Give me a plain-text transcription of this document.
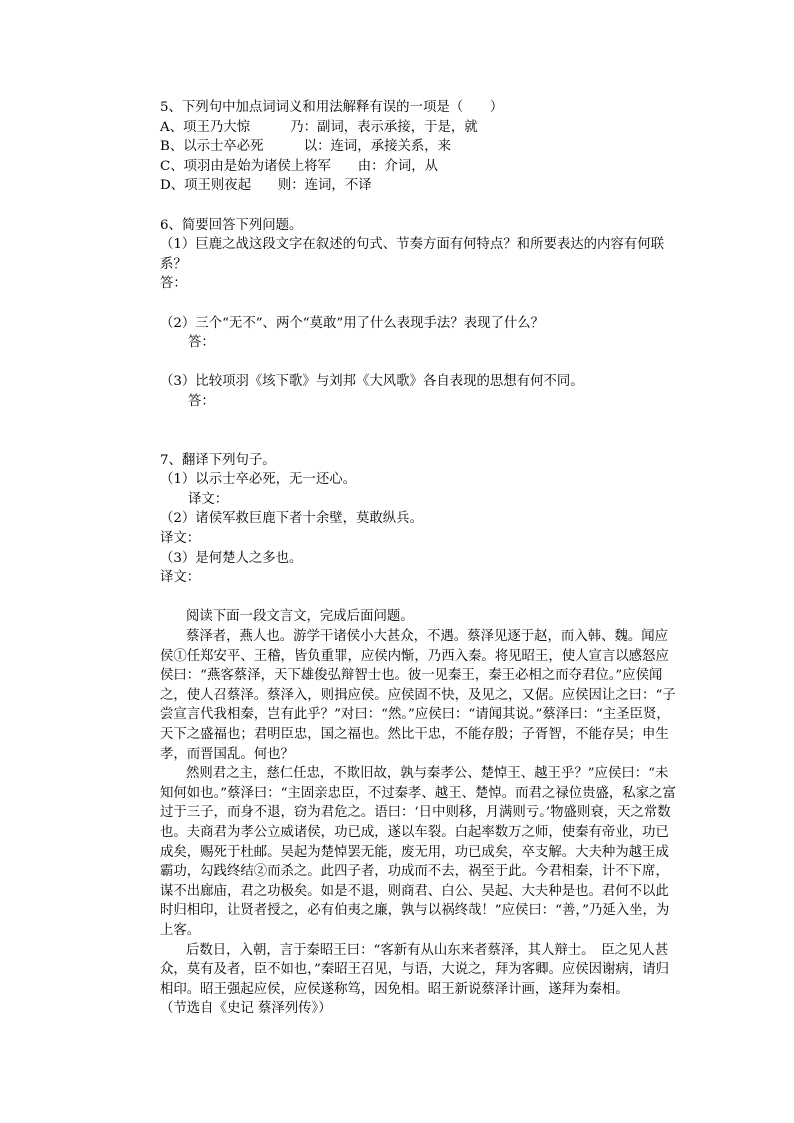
5、下列句中加点词词义和用法解释有误的一项是（　　）
A、项王乃大惊　　　	乃：副词，表示承接，于是，就
B、以示士卒必死　　　	以：连词，承接关系，来
C、项羽由是始为诸侯上将军　　 由：介词，从
D、项王则夜起　　 则：连词，不译
6、简要回答下列问题。
（1）巨鹿之战这段文字在叙述的句式、节奏方面有何特点？和所要表达的内容有何联系？
答：
（2）三个“无不”、两个“莫敢”用了什么表现手法？表现了什么？
答：
（3）比较项羽《垓下歌》与刘邦《大风歌》各自表现的思想有何不同。
答：
7、翻译下列句子。
（1）以示士卒必死，无一还心。
译文：
（2）诸侯军救巨鹿下者十余壁，莫敢纵兵。
译文：
（3）是何楚人之多也。
译文：

阅读下面一段文言文，完成后面问题。

蔡泽者，燕人也。游学干诸侯小大甚众，不遇。蔡泽见逐于赵，而入韩、魏。闻应侯①任郑安平、王稽，皆负重罪，应侯内惭，乃西入秦。将见昭王，使人宣言以感怒应侯曰：“燕客蔡泽，天下雄俊弘辩智士也。彼一见秦王，秦王必相之而夺君位。”应侯闻之，使人召蔡泽。蔡泽入，则揖应侯。应侯固不快，及见之，又倨。应侯因让之曰：“子尝宣言代我相秦，岂有此乎？”对曰：“然。”应侯曰：“请闻其说。”蔡泽曰：“主圣臣贤，天下之盛福也；君明臣忠，国之福也。然比干忠，不能存殷；子胥智，不能存吴；申生孝，而晋国乱。何也？

然则君之主，慈仁任忠，不欺旧故，孰与秦孝公、楚悼王、越王乎？”应侯曰：“未知何如也。”蔡泽曰：“主固亲忠臣，不过秦孝、越王、楚悼。而君之禄位贵盛，私家之富过于三子，而身不退，窃为君危之。语曰：‘日中则移，月满则亏。’物盛则衰，天之常数也。夫商君为孝公立威诸侯，功已成，遂以车裂。白起率数万之师，使秦有帝业，功已成矣，赐死于杜邮。吴起为楚悼罢无能，废无用，功已成矣，卒支解。大夫种为越王成霸功，勾践终结②而杀之。此四子者，功成而不去，祸至于此。今君相秦，计不下席，谋不出廊庙，君之功极矣。如是不退，则商君、白公、吴起、大夫种是也。君何不以此时归相印，让贤者授之，必有伯夷之廉，孰与以祸终哉！”应侯曰：“善，”乃延入坐，为上客。

后数日，入朝，言于秦昭王曰：“客新有从山东来者蔡泽，其人辩士。　臣之见人甚众，莫有及者，臣不如也，”秦昭王召见，与语，大说之，拜为客卿。应侯因谢病，请归相印。昭王强起应侯，应侯遂称笃，因免相。昭王新说蔡泽计画，遂拜为秦相。

（节选自《史记 蔡泽列传》）
